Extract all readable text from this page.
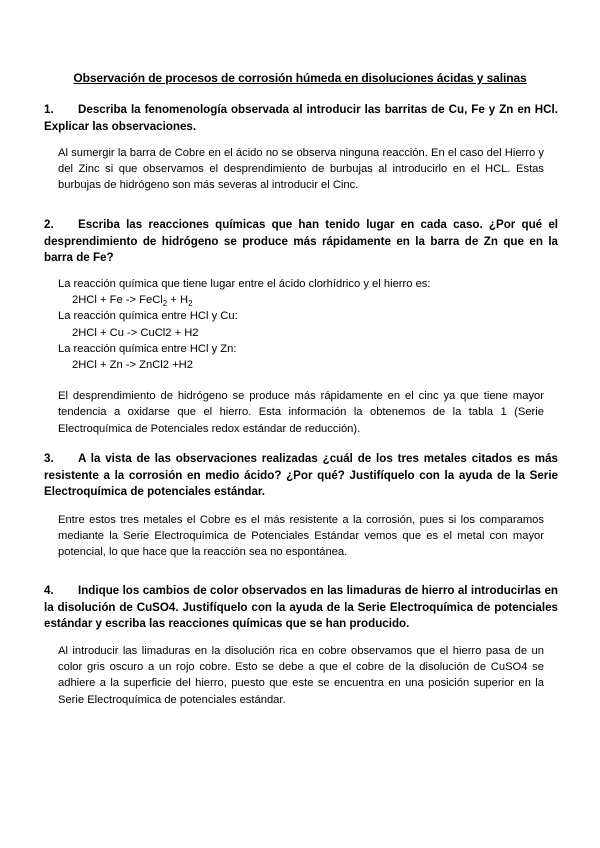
Observación de procesos de corrosión húmeda en disoluciones ácidas y salinas
1. Describa la fenomenología observada al introducir las barritas de Cu, Fe y Zn en HCl. Explicar las observaciones.

Al sumergir la barra de Cobre en el ácido no se observa ninguna reacción. En el caso del Hierro y del Zinc si que observamos el desprendimiento de burbujas al introducirlo en el HCL. Estas burbujas de hidrógeno son más severas al introducir el Cinc.

2. Escriba las reacciones químicas que han tenido lugar en cada caso. ¿Por qué el desprendimiento de hidrógeno se produce más rápidamente en la barra de Zn que en la barra de Fe?

La reacción química que tiene lugar entre el ácido clorhídrico y el hierro es:

2HCl + Fe -> FeCl$_2$ + $H_2$

La reacción química entre HCl y Cu:

2HCl + Cu -> CuCl2 + H2

La reacción química entre HCl y Zn:

2HCl + Zn -> ZnCl2 +H2

El desprendimiento de hidrógeno se produce más rápidamente en el cinc ya que tiene mayor tendencia a oxidarse que el hierro. Esta información la obtenemos de la tabla 1 (Serie Electroquímica de Potenciales redox estándar de reducción).

3. A la vista de las observaciones realizadas ¿cuál de los tres metales citados es más resistente a la corrosión en medio ácido? ¿Por qué? Justifíquelo con la ayuda de la Serie Electroquímica de potenciales estándar.

Entre estos tres metales el Cobre es el más resistente a la corrosión, pues si los comparamos mediante la Serie Electroquímica de Potenciales Estándar vemos que es el metal con mayor potencial, lo que hace que la reacción sea no espontánea.

4. Indique los cambios de color observados en las limaduras de hierro al introducirlas en la disolución de CuSO4. Justifíquelo con la ayuda de la Serie Electroquímica de potenciales estándar y escriba las reacciones químicas que se han producido.

Al introducir las limaduras en la disolución rica en cobre observamos que el hierro pasa de un color gris oscuro a un rojo cobre. Esto se debe a que el cobre de la disolución de CuSO4 se adhiere a la superficie del hierro, puesto que este se encuentra en una posición superior en la Serie Electroquímica de potenciales estándar.
